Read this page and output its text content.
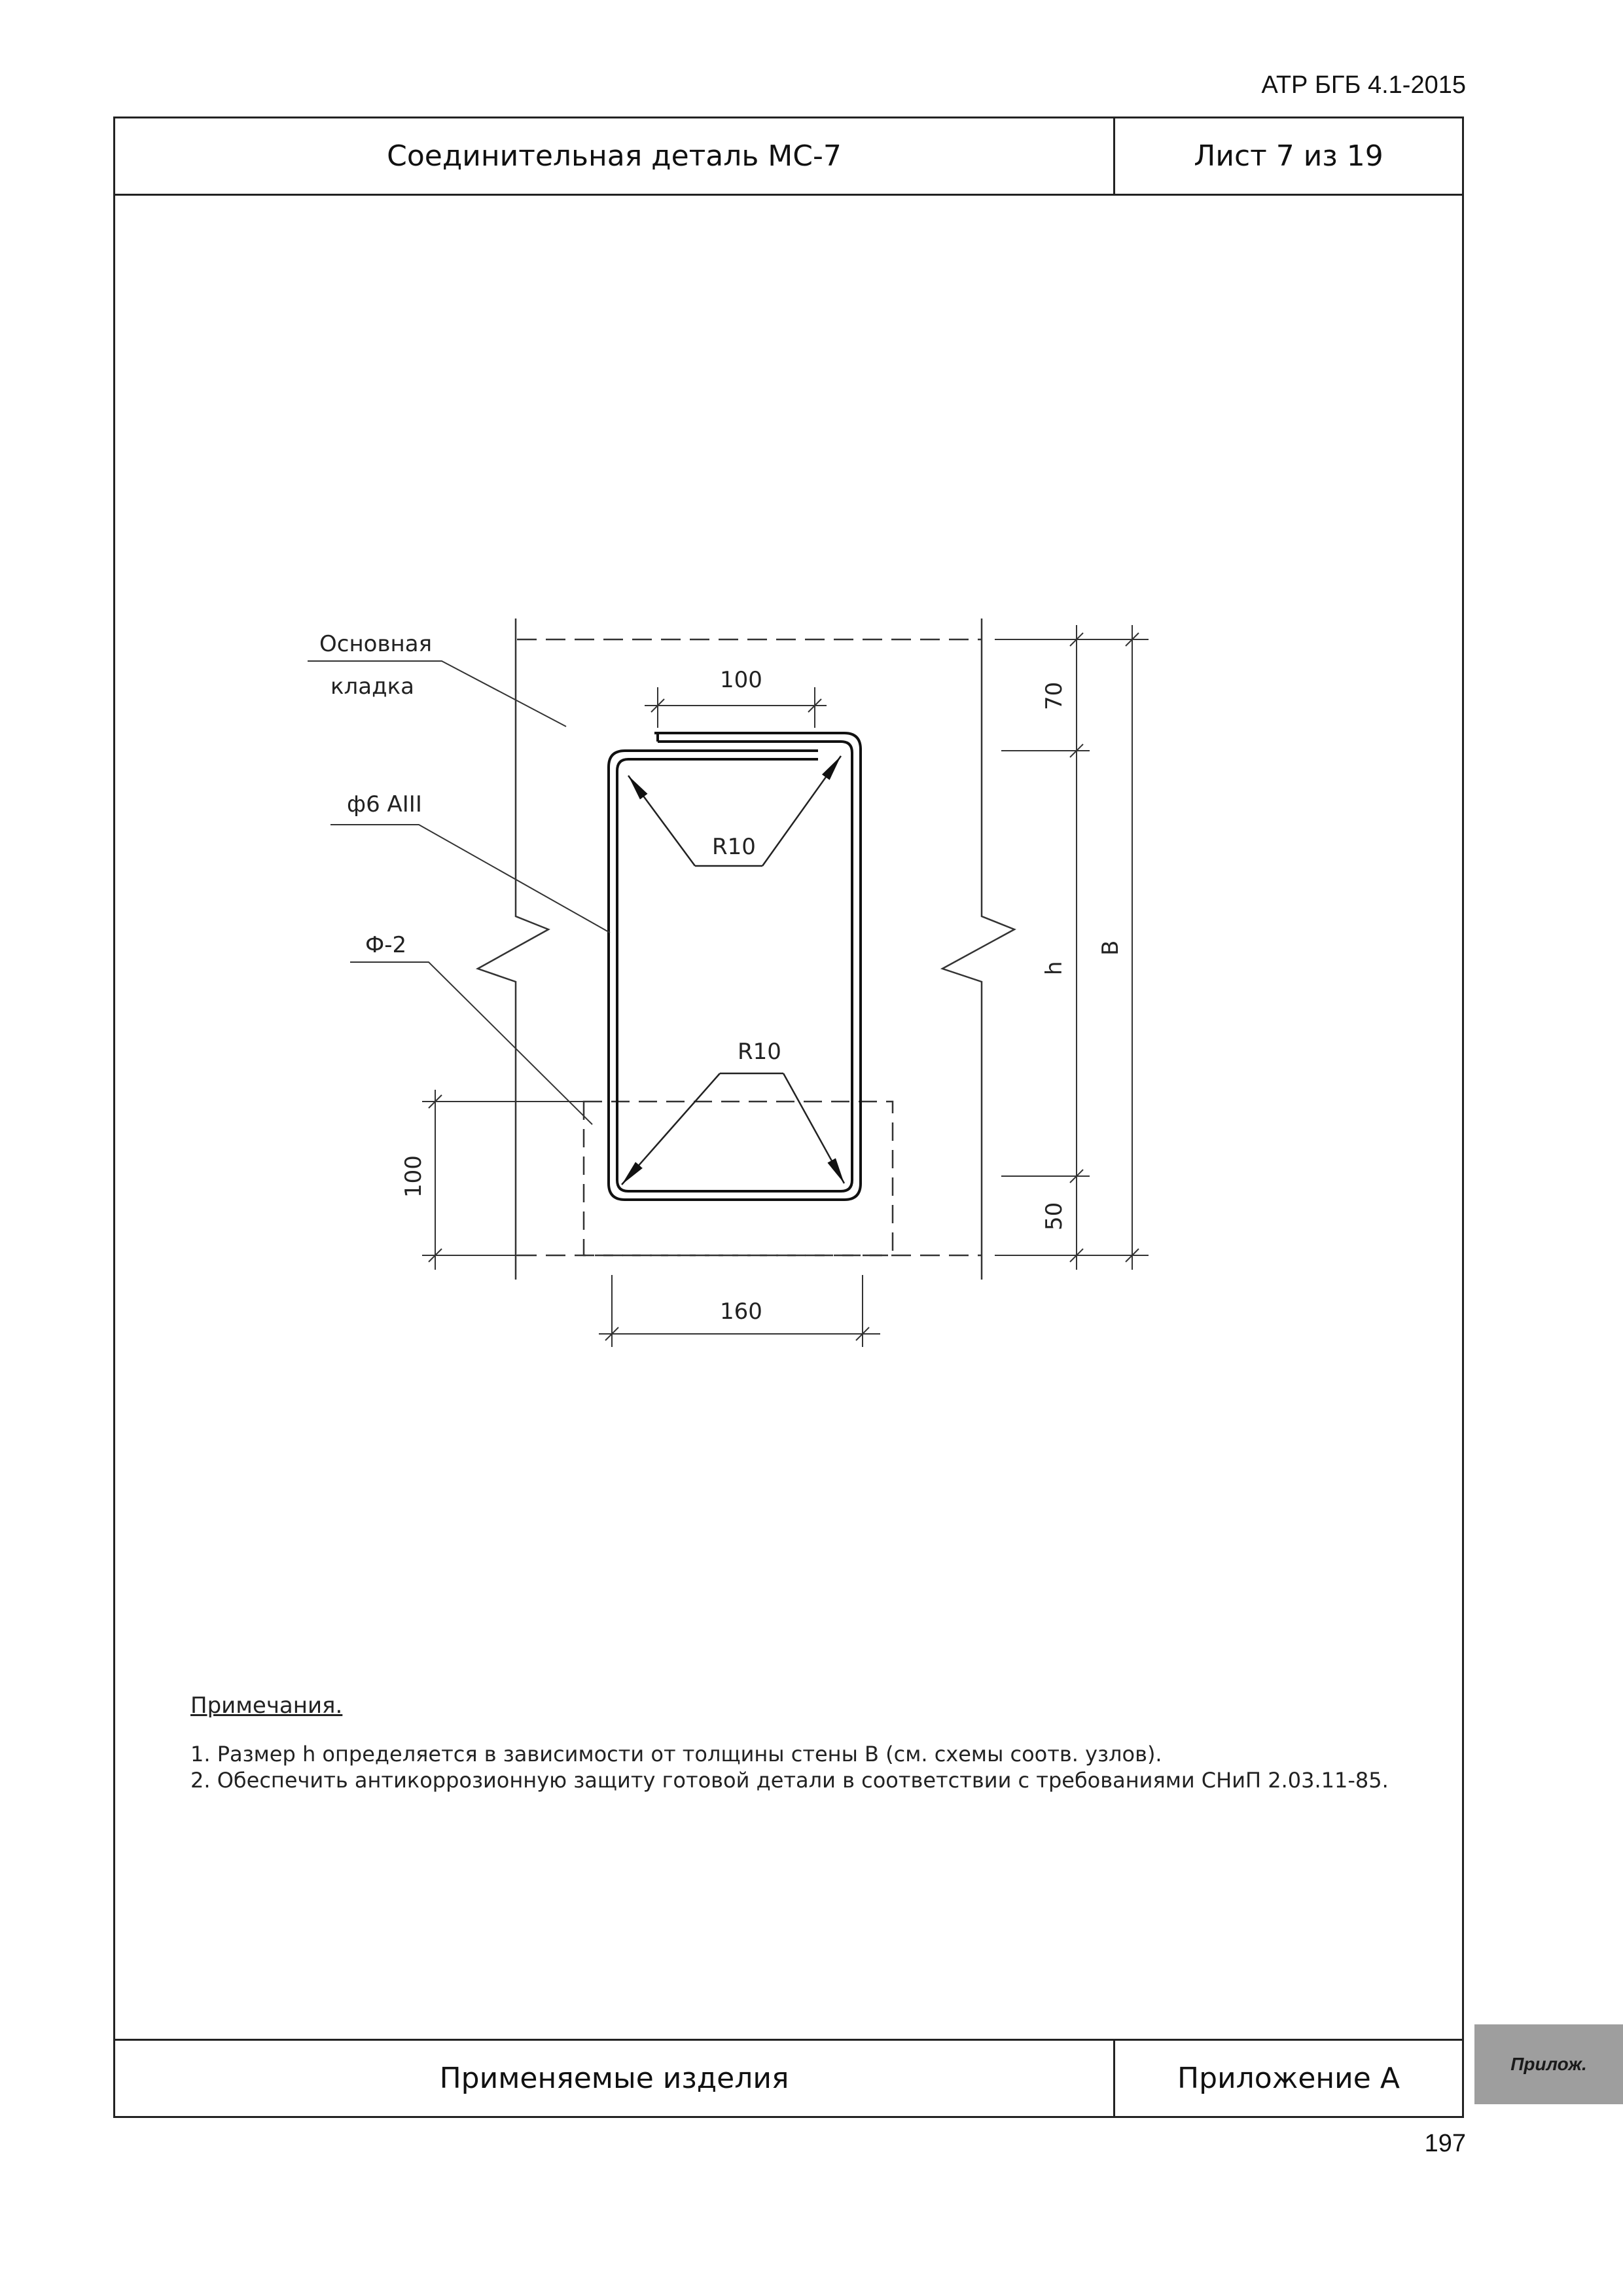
АТР БГБ 4.1-2015
Соединительная деталь МС-7	Лист 7 из 19
Применяемые изделия	Приложение А
Примечания.
1. Размер h определяется в зависимости от толщины стены В (см. схемы соотв. узлов).
2. Обеспечить антикоррозионную защиту готовой детали в соответствии с требованиями СНиП 2.03.11-85.
Основная
кладка
ф6 АIII
Ф-2
R10
R10
100
70
h
B
50
100
160
197
Прилож.
